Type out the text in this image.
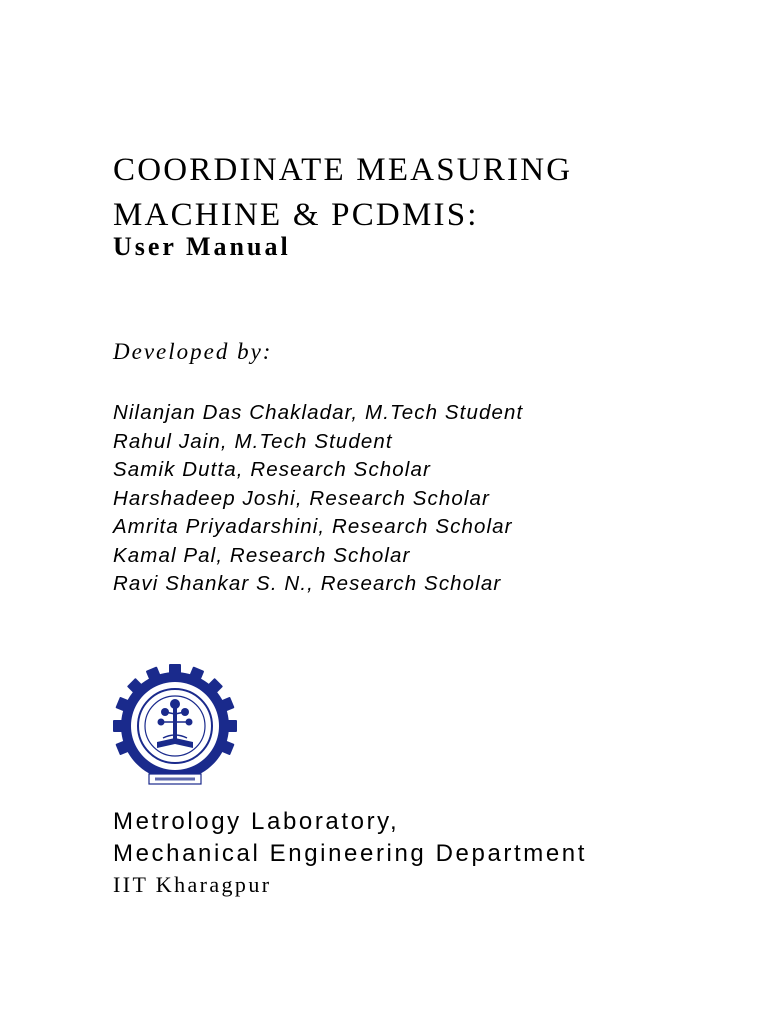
COORDINATE MEASURING
MACHINE & PCDMIS:
User Manual
Developed by:
Nilanjan Das Chakladar, M.Tech Student
Rahul Jain, M.Tech Student
Samik Dutta, Research Scholar
Harshadeep Joshi, Research Scholar
Amrita Priyadarshini, Research Scholar
Kamal Pal, Research Scholar
Ravi Shankar S. N., Research Scholar
Metrology Laboratory,
Mechanical Engineering Department
IIT Kharagpur
